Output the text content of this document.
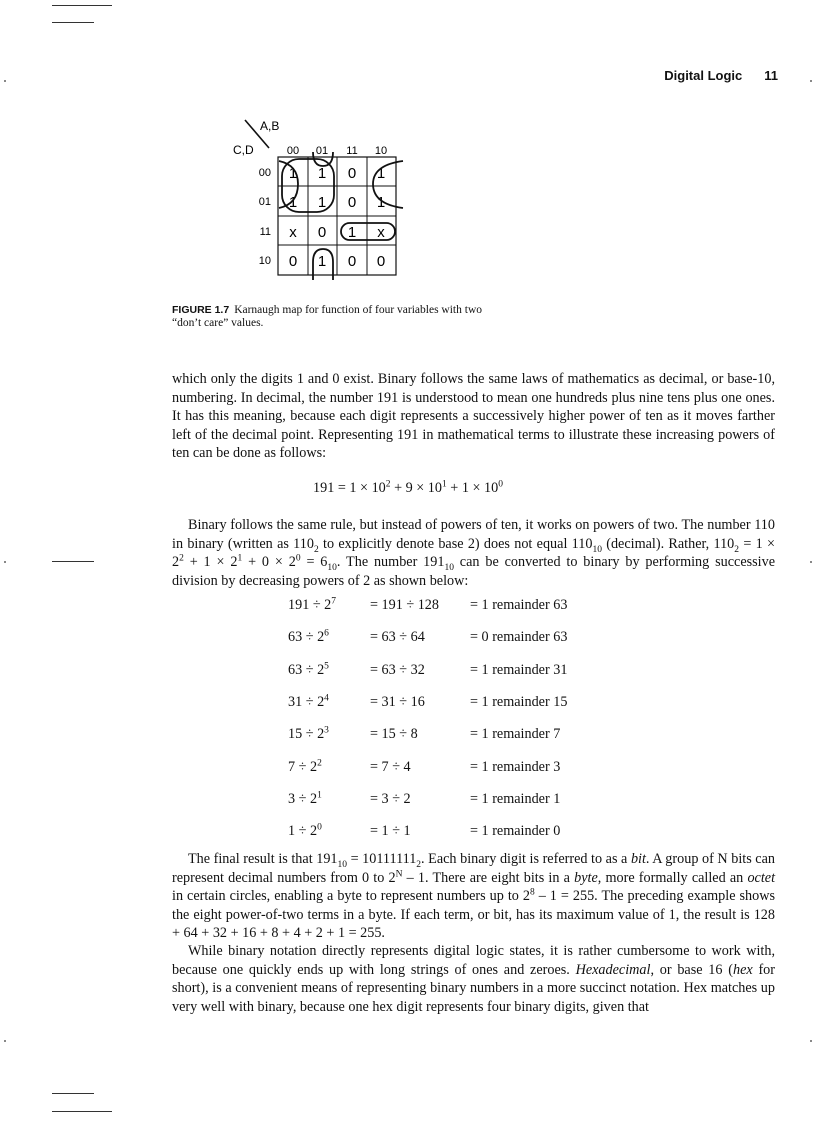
Digital Logic 11
A,B
C,D	00 01 11 10
00
01
11
10
1 1 0 1
1 1 0 1
x 0 1 x
0 1 0 0
FIGURE 1.7 Karnaugh map for function of four variables with two “don’t care” values.

which only the digits 1 and 0 exist. Binary follows the same laws of mathematics as decimal, or base-10, numbering. In decimal, the number 191 is understood to mean one hundreds plus nine tens plus one ones. It has this meaning, because each digit represents a successively higher power of ten as it moves farther left of the decimal point. Representing 191 in mathematical terms to illustrate these increasing powers of ten can be done as follows:

$191 = 1 \times 10^2 + 9 \times 10^1 + 1 \times 10^0$

Binary follows the same rule, but instead of powers of ten, it works on powers of two. The number 110 in binary (written as $110_2$ to explicitly denote base 2) does not equal $110_{10}$ (decimal). Rather, $110_2 = 1 \times 2^2 + 1 \times 2^1 + 0 \times 2^0 = 6_{10}$. The number $191_{10}$ can be converted to binary by performing successive division by decreasing powers of 2 as shown below:

$191 \div 2^7 = 191 \div 128 = 1$ remainder 63
$63 \div 2^6$	= 63 ÷ 64	= 0 remainder 63
$63 \div 2^5$	= 63 ÷ 32	= 1 remainder 31
$31 \div 2^4$	= 31 ÷ 16	= 1 remainder 15
$15 \div 2^3$	= 15 ÷ 8	= 1 remainder 7
$7 \div 2^2$	= 7 ÷ 4	= 1 remainder 3
$3 \div 2^1$	= 3 ÷ 2	= 1 remainder 1
$1 \div 2^0$	= 1 ÷ 1	= 1 remainder 0

The final result is that $191_{10} = 10111111_2$. Each binary digit is referred to as a bit. A group of N bits can represent decimal numbers from 0 to $2^N - 1$. There are eight bits in a byte, more formally called an octet in certain circles, enabling a byte to represent numbers up to $2^8 - 1 = 255$. The preceding example shows the eight power-of-two terms in a byte. If each term, or bit, has its maximum value of 1, the result is 128 + 64 + 32 + 16 + 8 + 4 + 2 + 1 = 255.

While binary notation directly represents digital logic states, it is rather cumbersome to work with, because one quickly ends up with long strings of ones and zeroes. Hexadecimal, or base 16 (hex for short), is a convenient means of representing binary numbers in a more succinct notation. Hex matches up very well with binary, because one hex digit represents four binary digits, given that
